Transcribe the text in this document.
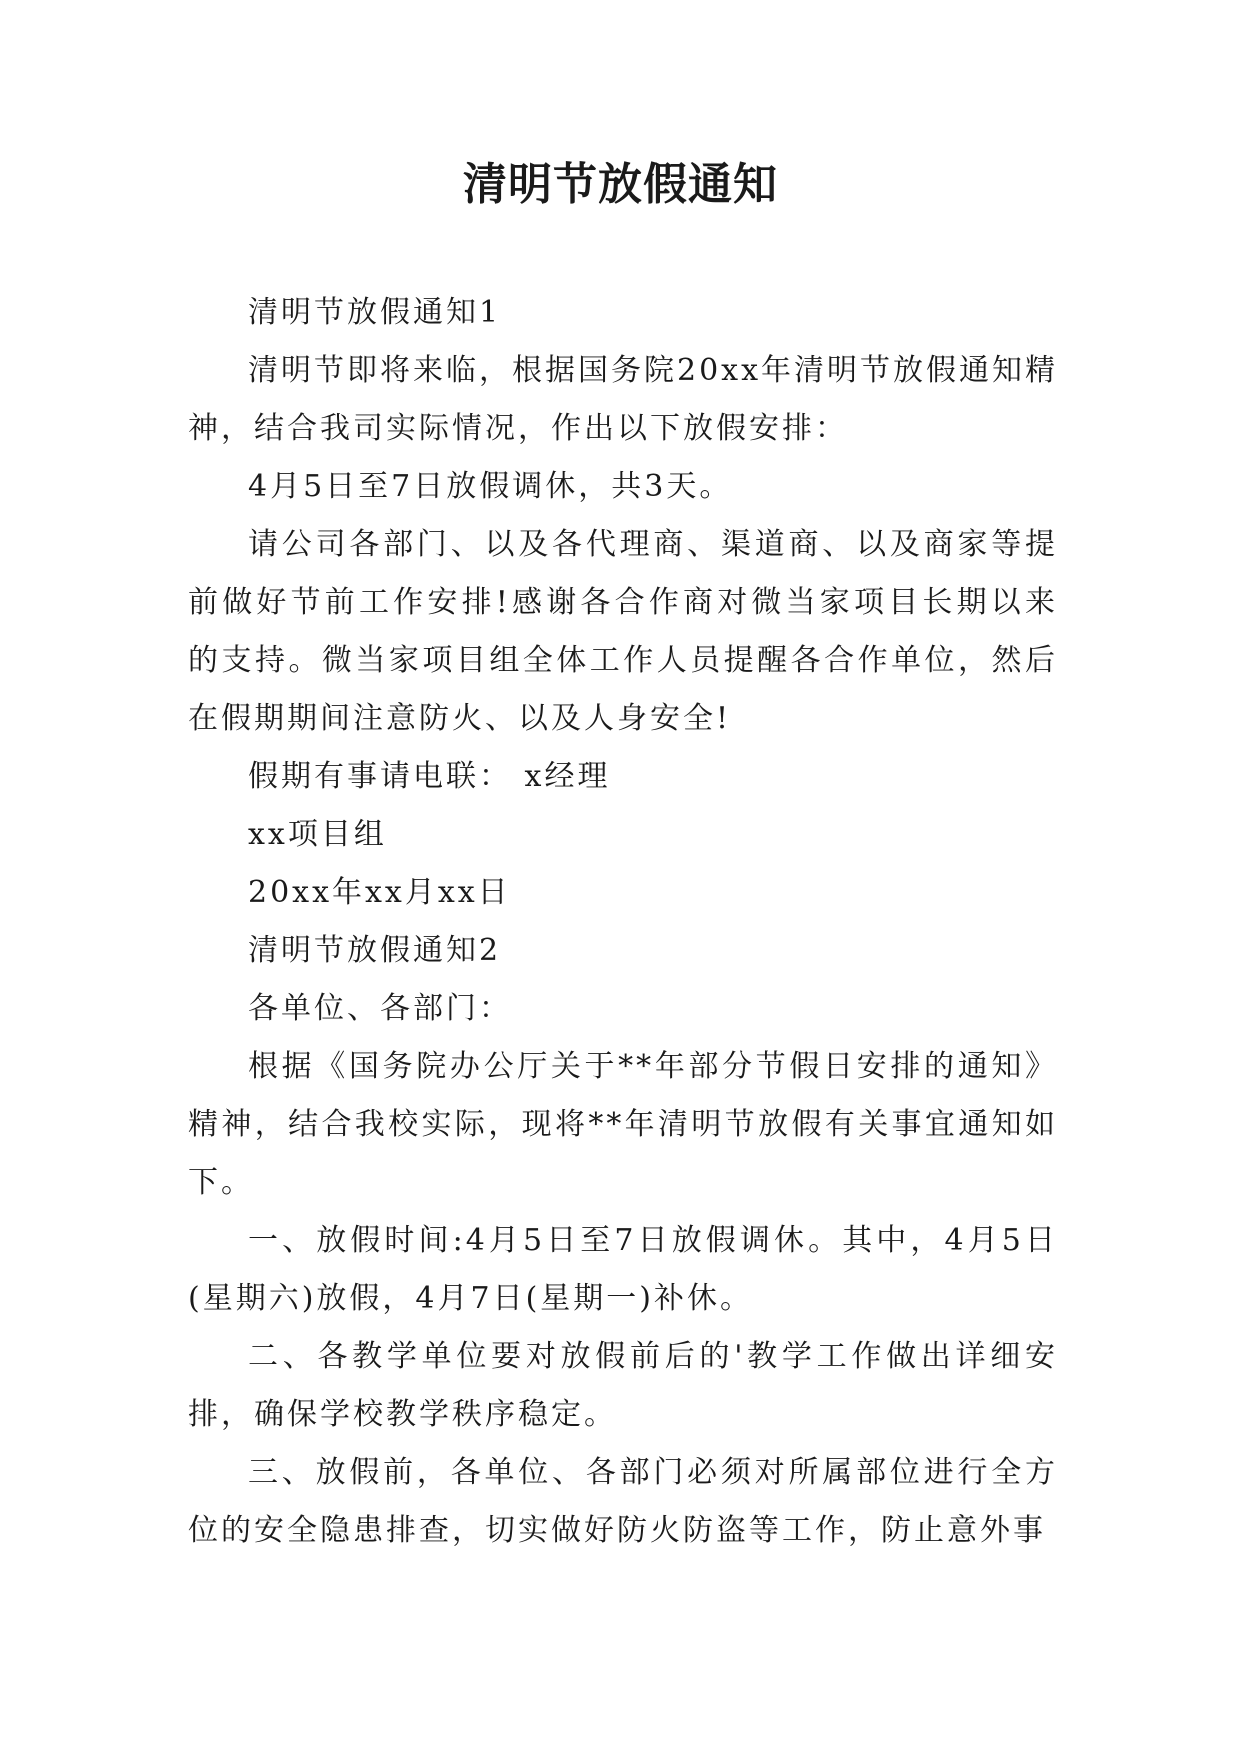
清明节放假通知

清明节放假通知1

清明节即将来临，根据国务院20xx年清明节放假通知精神，结合我司实际情况，作出以下放假安排：

4月5日至7日放假调休，共3天。

请公司各部门、以及各代理商、渠道商、以及商家等提前做好节前工作安排!感谢各合作商对微当家项目长期以来的支持。微当家项目组全体工作人员提醒各合作单位，然后在假期期间注意防火、以及人身安全!

假期有事请电联： x经理

xx项目组

20xx年xx月xx日

清明节放假通知2

各单位、各部门：

根据《国务院办公厅关于**年部分节假日安排的通知》精神，结合我校实际，现将**年清明节放假有关事宜通知如下。

一、放假时间:4月5日至7日放假调休。其中，4月5日(星期六)放假，4月7日(星期一)补休。

二、各教学单位要对放假前后的'教学工作做出详细安排，确保学校教学秩序稳定。

三、放假前，各单位、各部门必须对所属部位进行全方位的安全隐患排查，切实做好防火防盗等工作，防止意外事
